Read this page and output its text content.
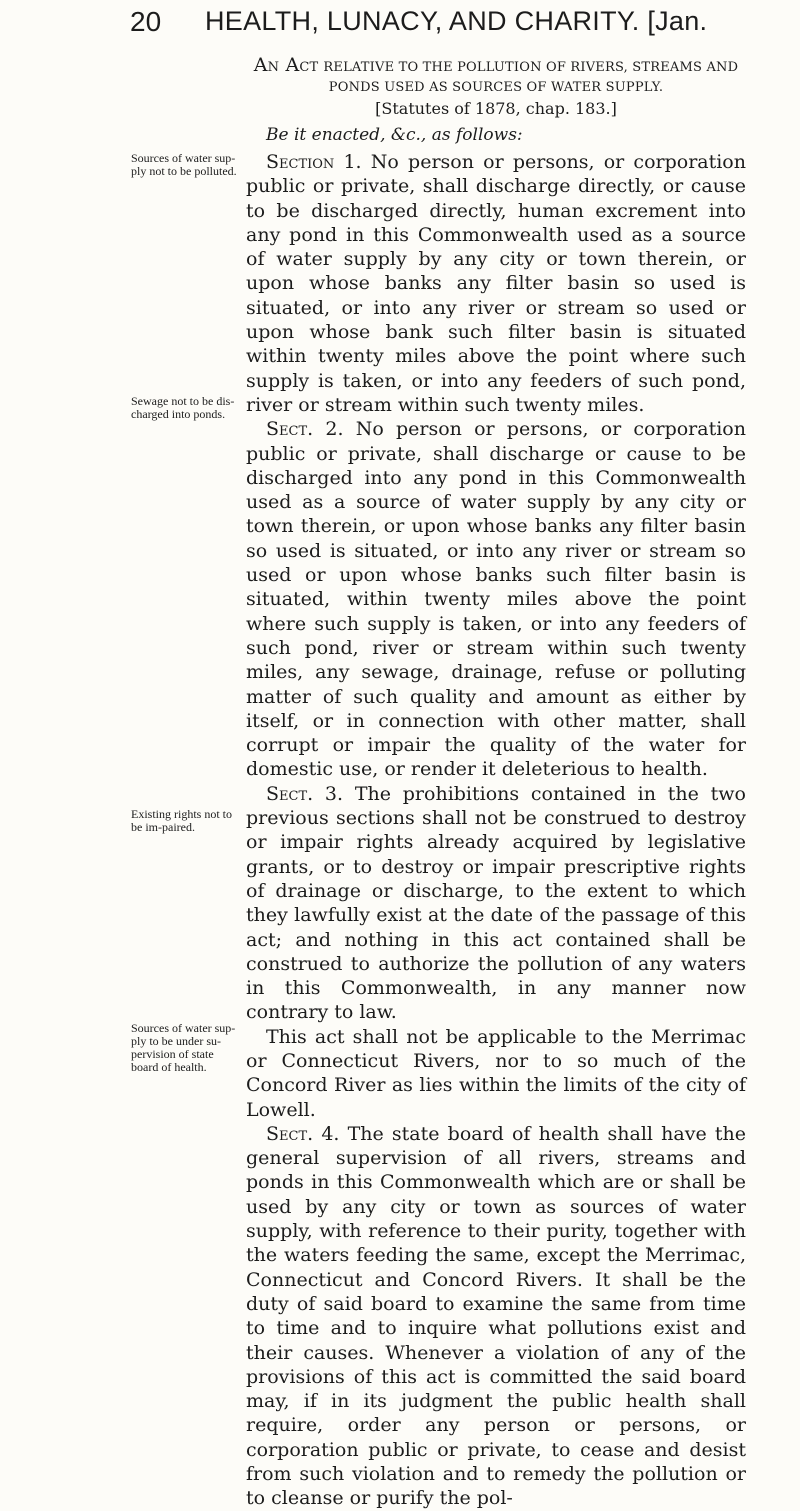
20 HEALTH, LUNACY, AND CHARITY. [Jan.
An Act RELATIVE TO THE POLLUTION OF RIVERS, STREAMS AND PONDS USED AS SOURCES OF WATER SUPPLY.
[Statutes of 1878, chap. 183.]
Be it enacted, &c., as follows:
Sources of water sup-ply not to be polluted.
Sewage not to be dis-charged into ponds.
Existing rights not to be im-paired.
Sources of water sup-ply to be under su-pervision of state board of health.

Section 1. No person or persons, or corporation public or private, shall discharge directly, or cause to be discharged directly, human excrement into any pond in this Commonwealth used as a source of water supply by any city or town therein, or upon whose banks any filter basin so used is situated, or into any river or stream so used or upon whose bank such filter basin is situated within twenty miles above the point where such supply is taken, or into any feeders of such pond, river or stream within such twenty miles.

Sect. 2. No person or persons, or corporation public or private, shall discharge or cause to be discharged into any pond in this Commonwealth used as a source of water supply by any city or town therein, or upon whose banks any filter basin so used is situated, or into any river or stream so used or upon whose banks such filter basin is situated, within twenty miles above the point where such supply is taken, or into any feeders of such pond, river or stream within such twenty miles, any sewage, drainage, refuse or polluting matter of such quality and amount as either by itself, or in connection with other matter, shall corrupt or impair the quality of the water for domestic use, or render it deleterious to health.

Sect. 3. The prohibitions contained in the two previous sections shall not be construed to destroy or impair rights already acquired by legislative grants, or to destroy or impair prescriptive rights of drainage or discharge, to the extent to which they lawfully exist at the date of the passage of this act; and nothing in this act contained shall be construed to authorize the pollution of any waters in this Commonwealth, in any manner now contrary to law.

This act shall not be applicable to the Merrimac or Connecticut Rivers, nor to so much of the Concord River as lies within the limits of the city of Lowell.

Sect. 4. The state board of health shall have the general supervision of all rivers, streams and ponds in this Commonwealth which are or shall be used by any city or town as sources of water supply, with reference to their purity, together with the waters feeding the same, except the Merrimac, Connecticut and Concord Rivers. It shall be the duty of said board to examine the same from time to time and to inquire what pollutions exist and their causes. Whenever a violation of any of the provisions of this act is committed the said board may, if in its judgment the public health shall require, order any person or persons, or corporation public or private, to cease and desist from such violation and to remedy the pollution or to cleanse or purify the pol-
